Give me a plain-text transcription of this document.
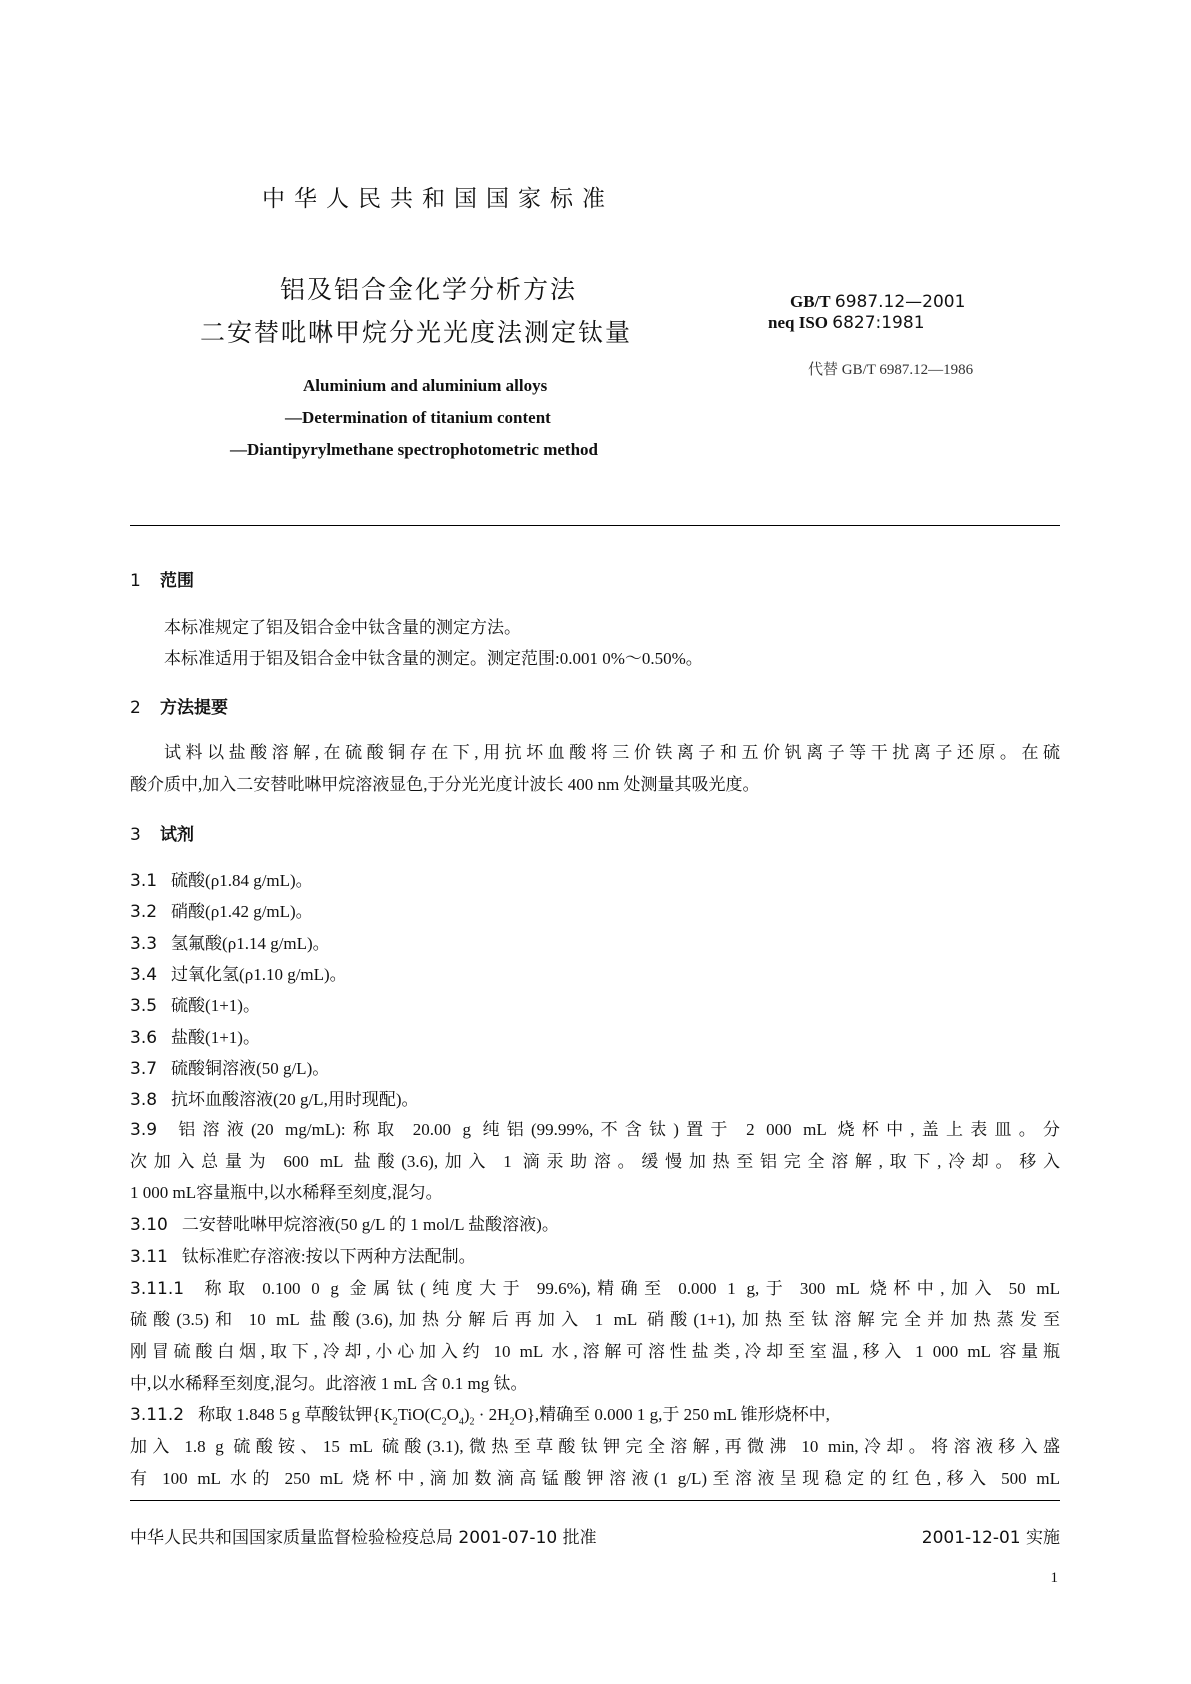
中华人民共和国国家标准
铝及铝合金化学分析方法
二安替吡啉甲烷分光光度法测定钛量
GB/T 6987.12—2001
neq ISO 6827:1981
代替 GB/T 6987.12—1986
Aluminium and aluminium alloys
—Determination of titanium content
—Diantipyrylmethane spectrophotometric method
1 范围
本标准规定了铝及铝合金中钛含量的测定方法。
本标准适用于铝及铝合金中钛含量的测定。测定范围:0.001 0%～0.50%。
2 方法提要
试料以盐酸溶解,在硫酸铜存在下,用抗坏血酸将三价铁离子和五价钒离子等干扰离子还原。在硫
酸介质中,加入二安替吡啉甲烷溶液显色,于分光光度计波长 400 nm 处测量其吸光度。
3 试剂
3.1 硫酸(ρ1.84 g/mL)。
3.2 硝酸(ρ1.42 g/mL)。
3.3 氢氟酸(ρ1.14 g/mL)。
3.4 过氧化氢(ρ1.10 g/mL)。
3.5 硫酸(1+1)。
3.6 盐酸(1+1)。
3.7 硫酸铜溶液(50 g/L)。
3.8 抗坏血酸溶液(20 g/L,用时现配)。
3.9 铝溶液(20 mg/mL):称取 20.00 g 纯铝(99.99%,不含钛)置于 2 000 mL 烧杯中,盖上表皿。分
次加入总量为 600 mL 盐酸(3.6),加入 1 滴汞助溶。缓慢加热至铝完全溶解,取下,冷却。移入
1 000 mL容量瓶中,以水稀释至刻度,混匀。
3.10 二安替吡啉甲烷溶液(50 g/L 的 1 mol/L 盐酸溶液)。
3.11 钛标准贮存溶液:按以下两种方法配制。
3.11.1 称取 0.100 0 g 金属钛(纯度大于 99.6%),精确至 0.000 1 g,于 300 mL 烧杯中,加入 50 mL
硫酸(3.5)和 10 mL 盐酸(3.6),加热分解后再加入 1 mL 硝酸(1+1),加热至钛溶解完全并加热蒸发至
刚冒硫酸白烟,取下,冷却,小心加入约 10 mL 水,溶解可溶性盐类,冷却至室温,移入 1 000 mL 容量瓶
中,以水稀释至刻度,混匀。此溶液 1 mL 含 0.1 mg 钛。
3.11.2 称取 1.848 5 g 草酸钛钾$\{K_2TiO(C_2O_4)_2 \cdot 2H_2O\}$,精确至 0.000 1 g,于 250 mL 锥形烧杯中,
加入 1.8 g 硫酸铵、15 mL 硫酸(3.1),微热至草酸钛钾完全溶解,再微沸 10 min,冷却。将溶液移入盛
有 100 mL 水的 250 mL 烧杯中,滴加数滴高锰酸钾溶液(1 g/L)至溶液呈现稳定的红色,移入 500 mL
中华人民共和国国家质量监督检验检疫总局 2001-07-10 批准	2001-12-01 实施
1
